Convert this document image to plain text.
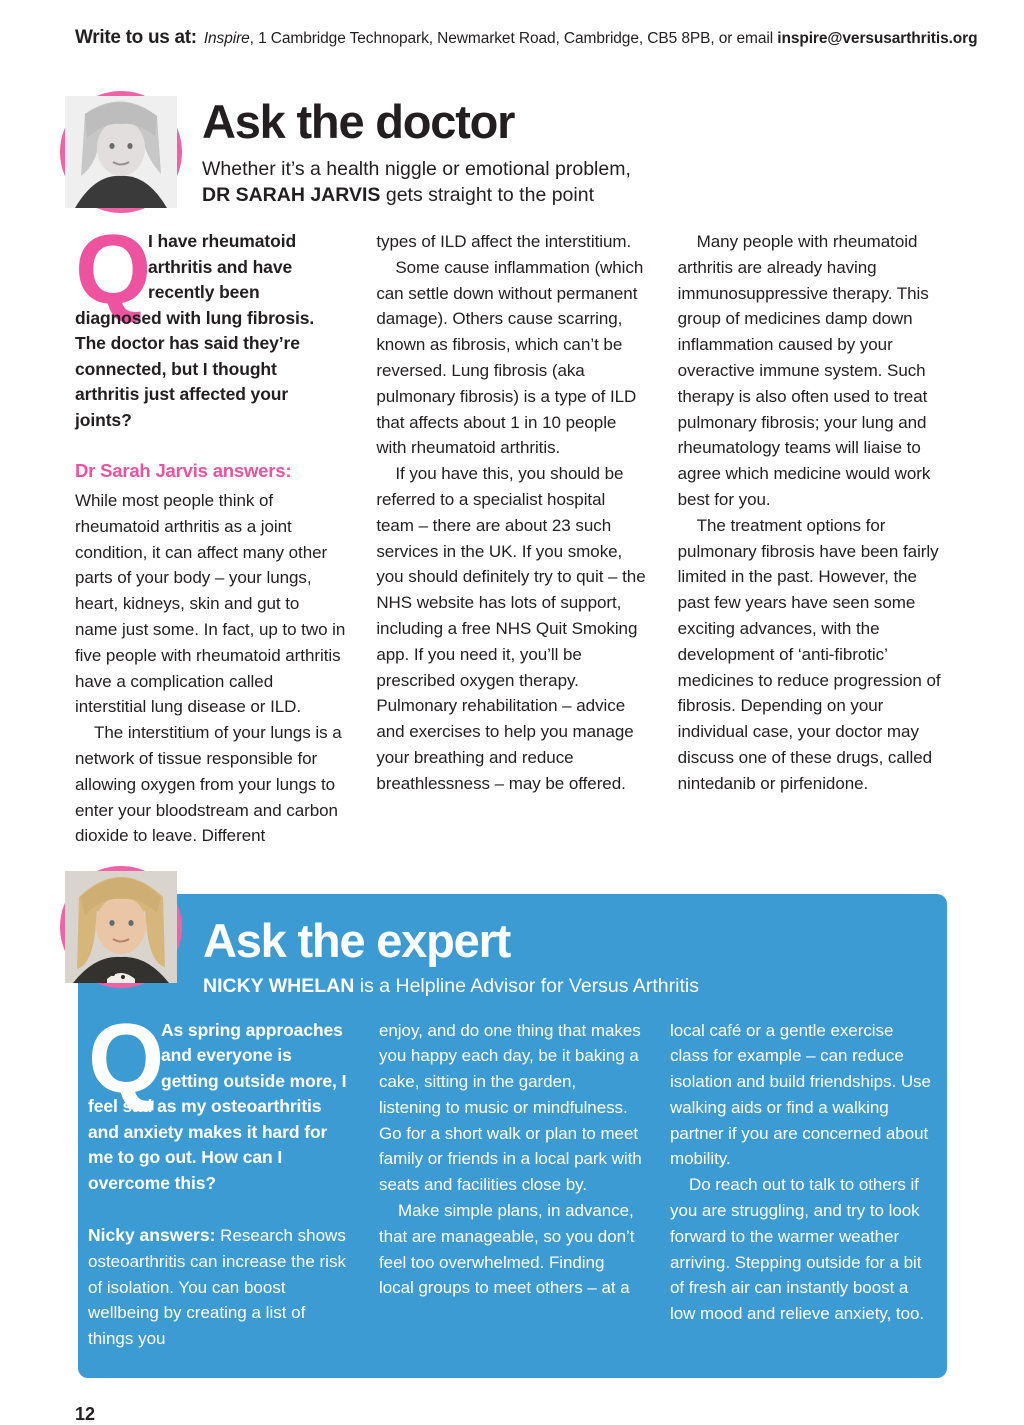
Write to us at: Inspire, 1 Cambridge Technopark, Newmarket Road, Cambridge, CB5 8PB, or email inspire@versusarthritis.org
Ask the doctor
Whether it’s a health niggle or emotional problem, DR SARAH JARVIS gets straight to the point
Q

I have rheumatoid arthritis and have recently been diagnosed with lung fibrosis. The doctor has said they’re connected, but I thought arthritis just affected your joints?

Dr Sarah Jarvis answers:

While most people think of rheumatoid arthritis as a joint condition, it can affect many other parts of your body – your lungs, heart, kidneys, skin and gut to name just some. In fact, up to two in five people with rheumatoid arthritis have a complication called interstitial lung disease or ILD.

The interstitium of your lungs is a network of tissue responsible for allowing oxygen from your lungs to enter your bloodstream and carbon dioxide to leave. Different

types of ILD affect the interstitium.

Some cause inflammation (which can settle down without permanent damage). Others cause scarring, known as fibrosis, which can’t be reversed. Lung fibrosis (aka pulmonary fibrosis) is a type of ILD that affects about 1 in 10 people with rheumatoid arthritis.

If you have this, you should be referred to a specialist hospital team – there are about 23 such services in the UK. If you smoke, you should definitely try to quit – the NHS website has lots of support, including a free NHS Quit Smoking app. If you need it, you’ll be prescribed oxygen therapy. Pulmonary rehabilitation – advice and exercises to help you manage your breathing and reduce breathlessness – may be offered.

Many people with rheumatoid arthritis are already having immunosuppressive therapy. This group of medicines damp down inflammation caused by your overactive immune system. Such therapy is also often used to treat pulmonary fibrosis; your lung and rheumatology teams will liaise to agree which medicine would work best for you.

The treatment options for pulmonary fibrosis have been fairly limited in the past. However, the past few years have seen some exciting advances, with the development of ‘anti-fibrotic’ medicines to reduce progression of fibrosis. Depending on your individual case, your doctor may discuss one of these drugs, called nintedanib or pirfenidone.

Ask the expert
NICKY WHELAN is a Helpline Advisor for Versus Arthritis
Q

As spring approaches and everyone is getting outside more, I feel sad as my osteoarthritis and anxiety makes it hard for me to go out. How can I overcome this?

Nicky answers: Research shows osteoarthritis can increase the risk of isolation. You can boost wellbeing by creating a list of things you

enjoy, and do one thing that makes you happy each day, be it baking a cake, sitting in the garden, listening to music or mindfulness. Go for a short walk or plan to meet family or friends in a local park with seats and facilities close by.

Make simple plans, in advance, that are manageable, so you don’t feel too overwhelmed. Finding local groups to meet others – at a

local café or a gentle exercise class for example – can reduce isolation and build friendships. Use walking aids or find a walking partner if you are concerned about mobility.

Do reach out to talk to others if you are struggling, and try to look forward to the warmer weather arriving. Stepping outside for a bit of fresh air can instantly boost a low mood and relieve anxiety, too.

12
